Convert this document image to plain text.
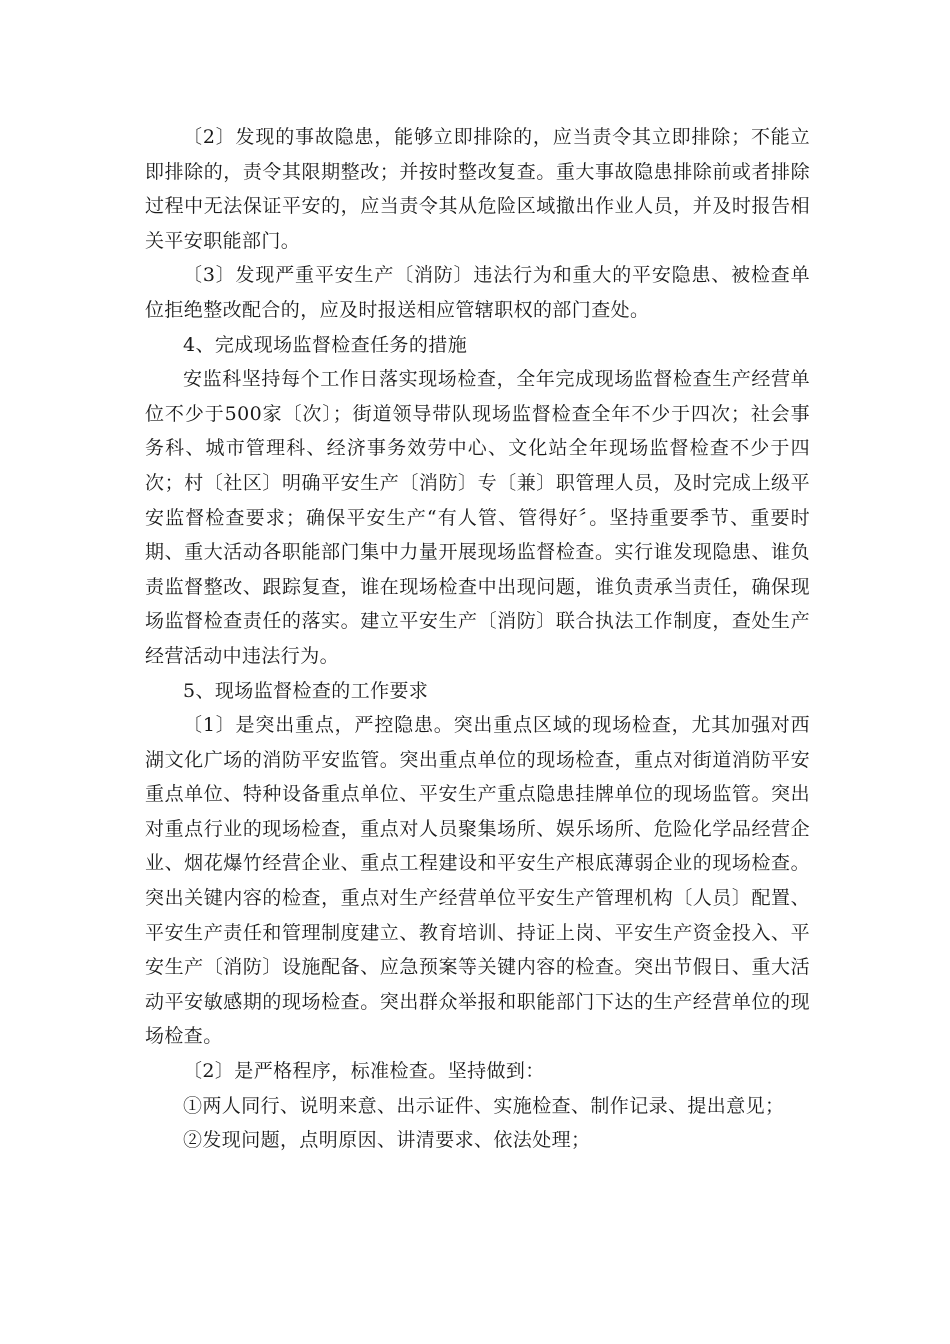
〔2〕发现的事故隐患，能够立即排除的，应当责令其立即排除；不能立即排除的，责令其限期整改；并按时整改复查。重大事故隐患排除前或者排除过程中无法保证平安的，应当责令其从危险区域撤出作业人员，并及时报告相关平安职能部门。

〔3〕发现严重平安生产〔消防〕违法行为和重大的平安隐患、被检查单位拒绝整改配合的，应及时报送相应管辖职权的部门查处。

4、完成现场监督检查任务的措施

安监科坚持每个工作日落实现场检查，全年完成现场监督检查生产经营单位不少于500家〔次〕；街道领导带队现场监督检查全年不少于四次；社会事务科、城市管理科、经济事务效劳中心、文化站全年现场监督检查不少于四次；村〔社区〕明确平安生产〔消防〕专〔兼〕职管理人员，及时完成上级平安监督检查要求；确保平安生产“有人管、管得好〞。坚持重要季节、重要时期、重大活动各职能部门集中力量开展现场监督检查。实行谁发现隐患、谁负责监督整改、跟踪复查，谁在现场检查中出现问题，谁负责承当责任，确保现场监督检查责任的落实。建立平安生产〔消防〕联合执法工作制度，查处生产经营活动中违法行为。

5、现场监督检查的工作要求

〔1〕是突出重点，严控隐患。突出重点区域的现场检查，尤其加强对西湖文化广场的消防平安监管。突出重点单位的现场检查，重点对街道消防平安重点单位、特种设备重点单位、平安生产重点隐患挂牌单位的现场监管。突出对重点行业的现场检查，重点对人员聚集场所、娱乐场所、危险化学品经营企业、烟花爆竹经营企业、重点工程建设和平安生产根底薄弱企业的现场检查。突出关键内容的检查，重点对生产经营单位平安生产管理机构〔人员〕配置、平安生产责任和管理制度建立、教育培训、持证上岗、平安生产资金投入、平安生产〔消防〕设施配备、应急预案等关键内容的检查。突出节假日、重大活动平安敏感期的现场检查。突出群众举报和职能部门下达的生产经营单位的现场检查。

〔2〕是严格程序，标准检查。坚持做到：

①两人同行、说明来意、出示证件、实施检查、制作记录、提出意见；

②发现问题，点明原因、讲清要求、依法处理；
